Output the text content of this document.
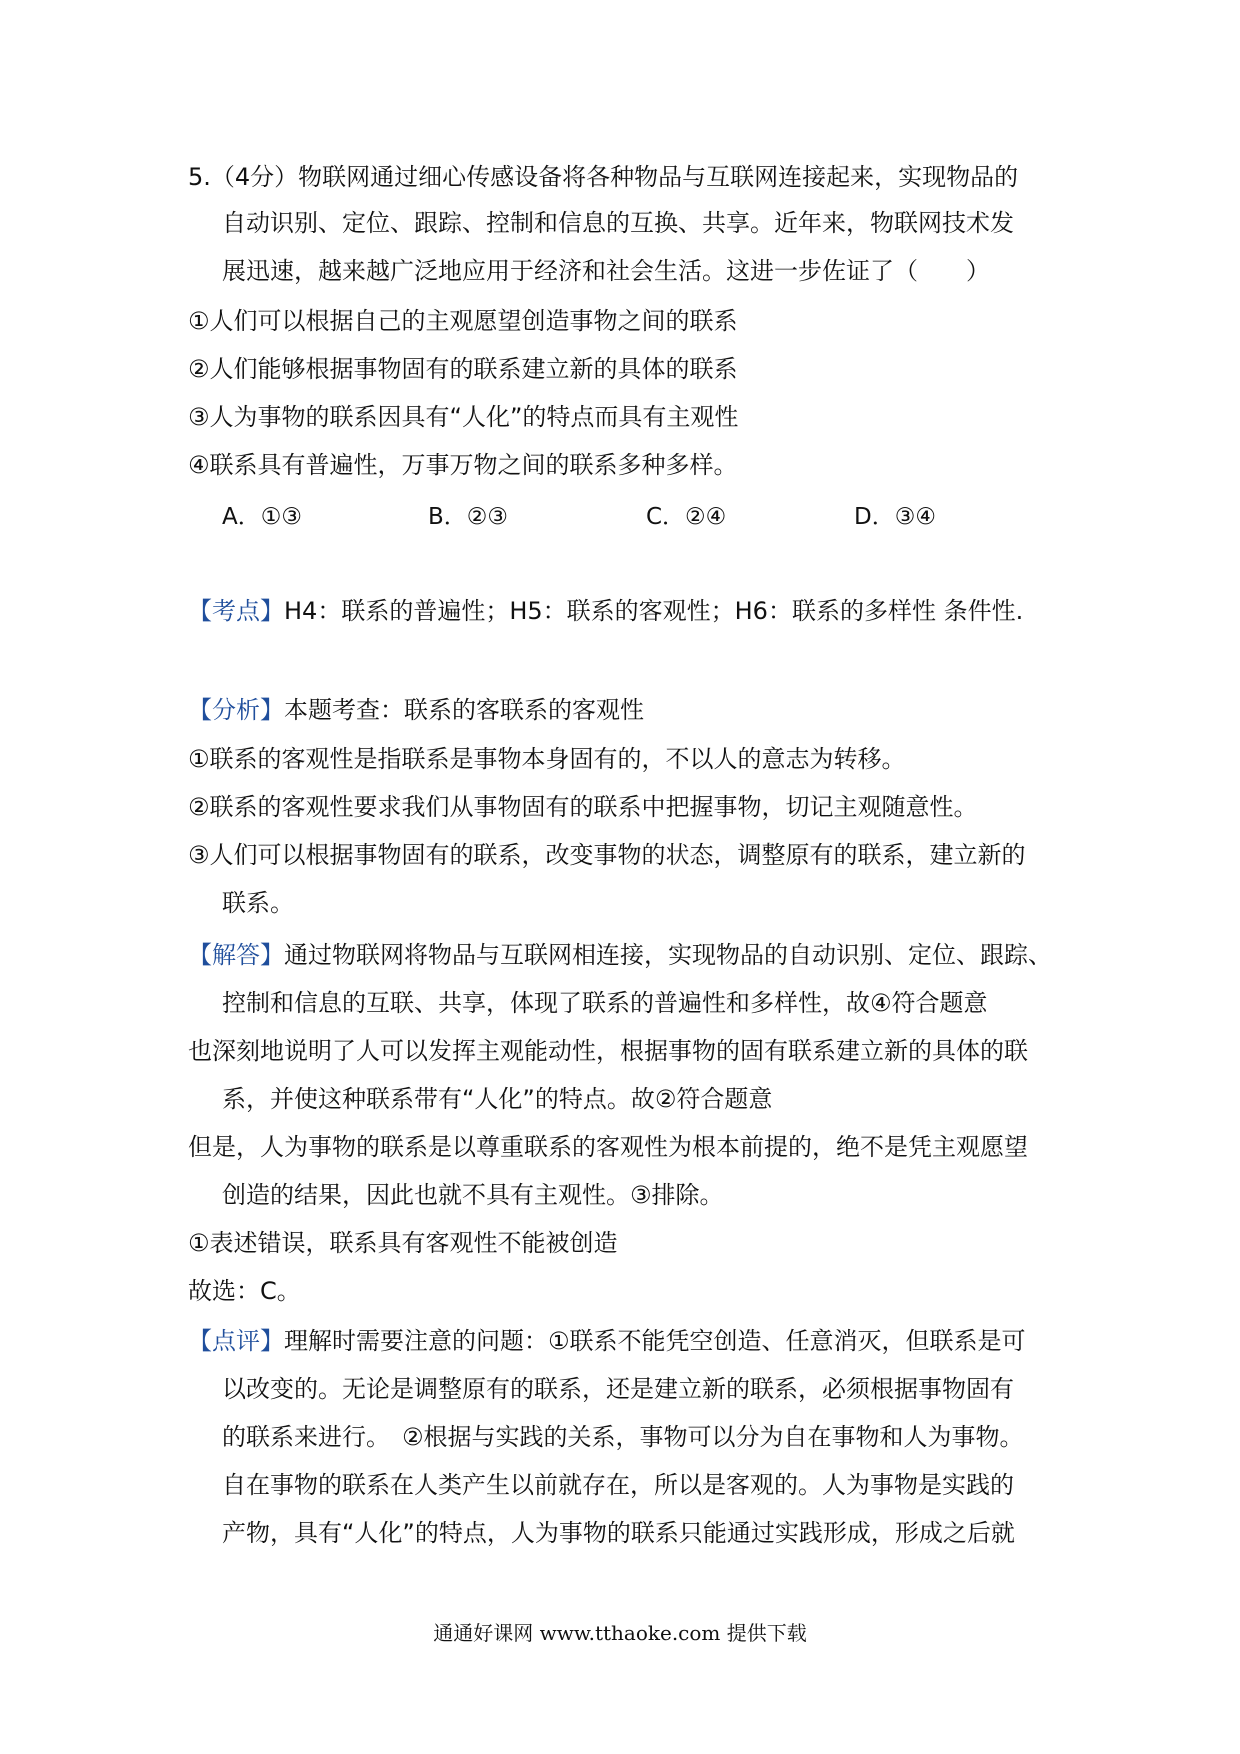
5.（4分）物联网通过细心传感设备将各种物品与互联网连接起来，实现物品的
自动识别、定位、跟踪、控制和信息的互换、共享。近年来，物联网技术发
展迅速，越来越广泛地应用于经济和社会生活。这进一步佐证了（　　）
①人们可以根据自己的主观愿望创造事物之间的联系
②人们能够根据事物固有的联系建立新的具体的联系
③人为事物的联系因具有“人化”的特点而具有主观性
④联系具有普遍性，万事万物之间的联系多种多样。
A．①③	B．②③	C．②④	D．③④
【考点】H4：联系的普遍性；H5：联系的客观性；H6：联系的多样性 条件性.
【分析】本题考查：联系的客联系的客观性
①联系的客观性是指联系是事物本身固有的，不以人的意志为转移。
②联系的客观性要求我们从事物固有的联系中把握事物，切记主观随意性。
③人们可以根据事物固有的联系，改变事物的状态，调整原有的联系，建立新的
联系。
【解答】通过物联网将物品与互联网相连接，实现物品的自动识别、定位、跟踪、
控制和信息的互联、共享，体现了联系的普遍性和多样性，故④符合题意
也深刻地说明了人可以发挥主观能动性，根据事物的固有联系建立新的具体的联
系，并使这种联系带有“人化”的特点。故②符合题意
但是，人为事物的联系是以尊重联系的客观性为根本前提的，绝不是凭主观愿望
创造的结果，因此也就不具有主观性。③排除。
①表述错误，联系具有客观性不能被创造
故选：C。
【点评】理解时需要注意的问题：①联系不能凭空创造、任意消灭，但联系是可
以改变的。无论是调整原有的联系，还是建立新的联系，必须根据事物固有
的联系来进行。　②根据与实践的关系，事物可以分为自在事物和人为事物。
自在事物的联系在人类产生以前就存在，所以是客观的。人为事物是实践的
产物，具有“人化”的特点，人为事物的联系只能通过实践形成，形成之后就
通通好课网 www.tthaoke.com 提供下载
